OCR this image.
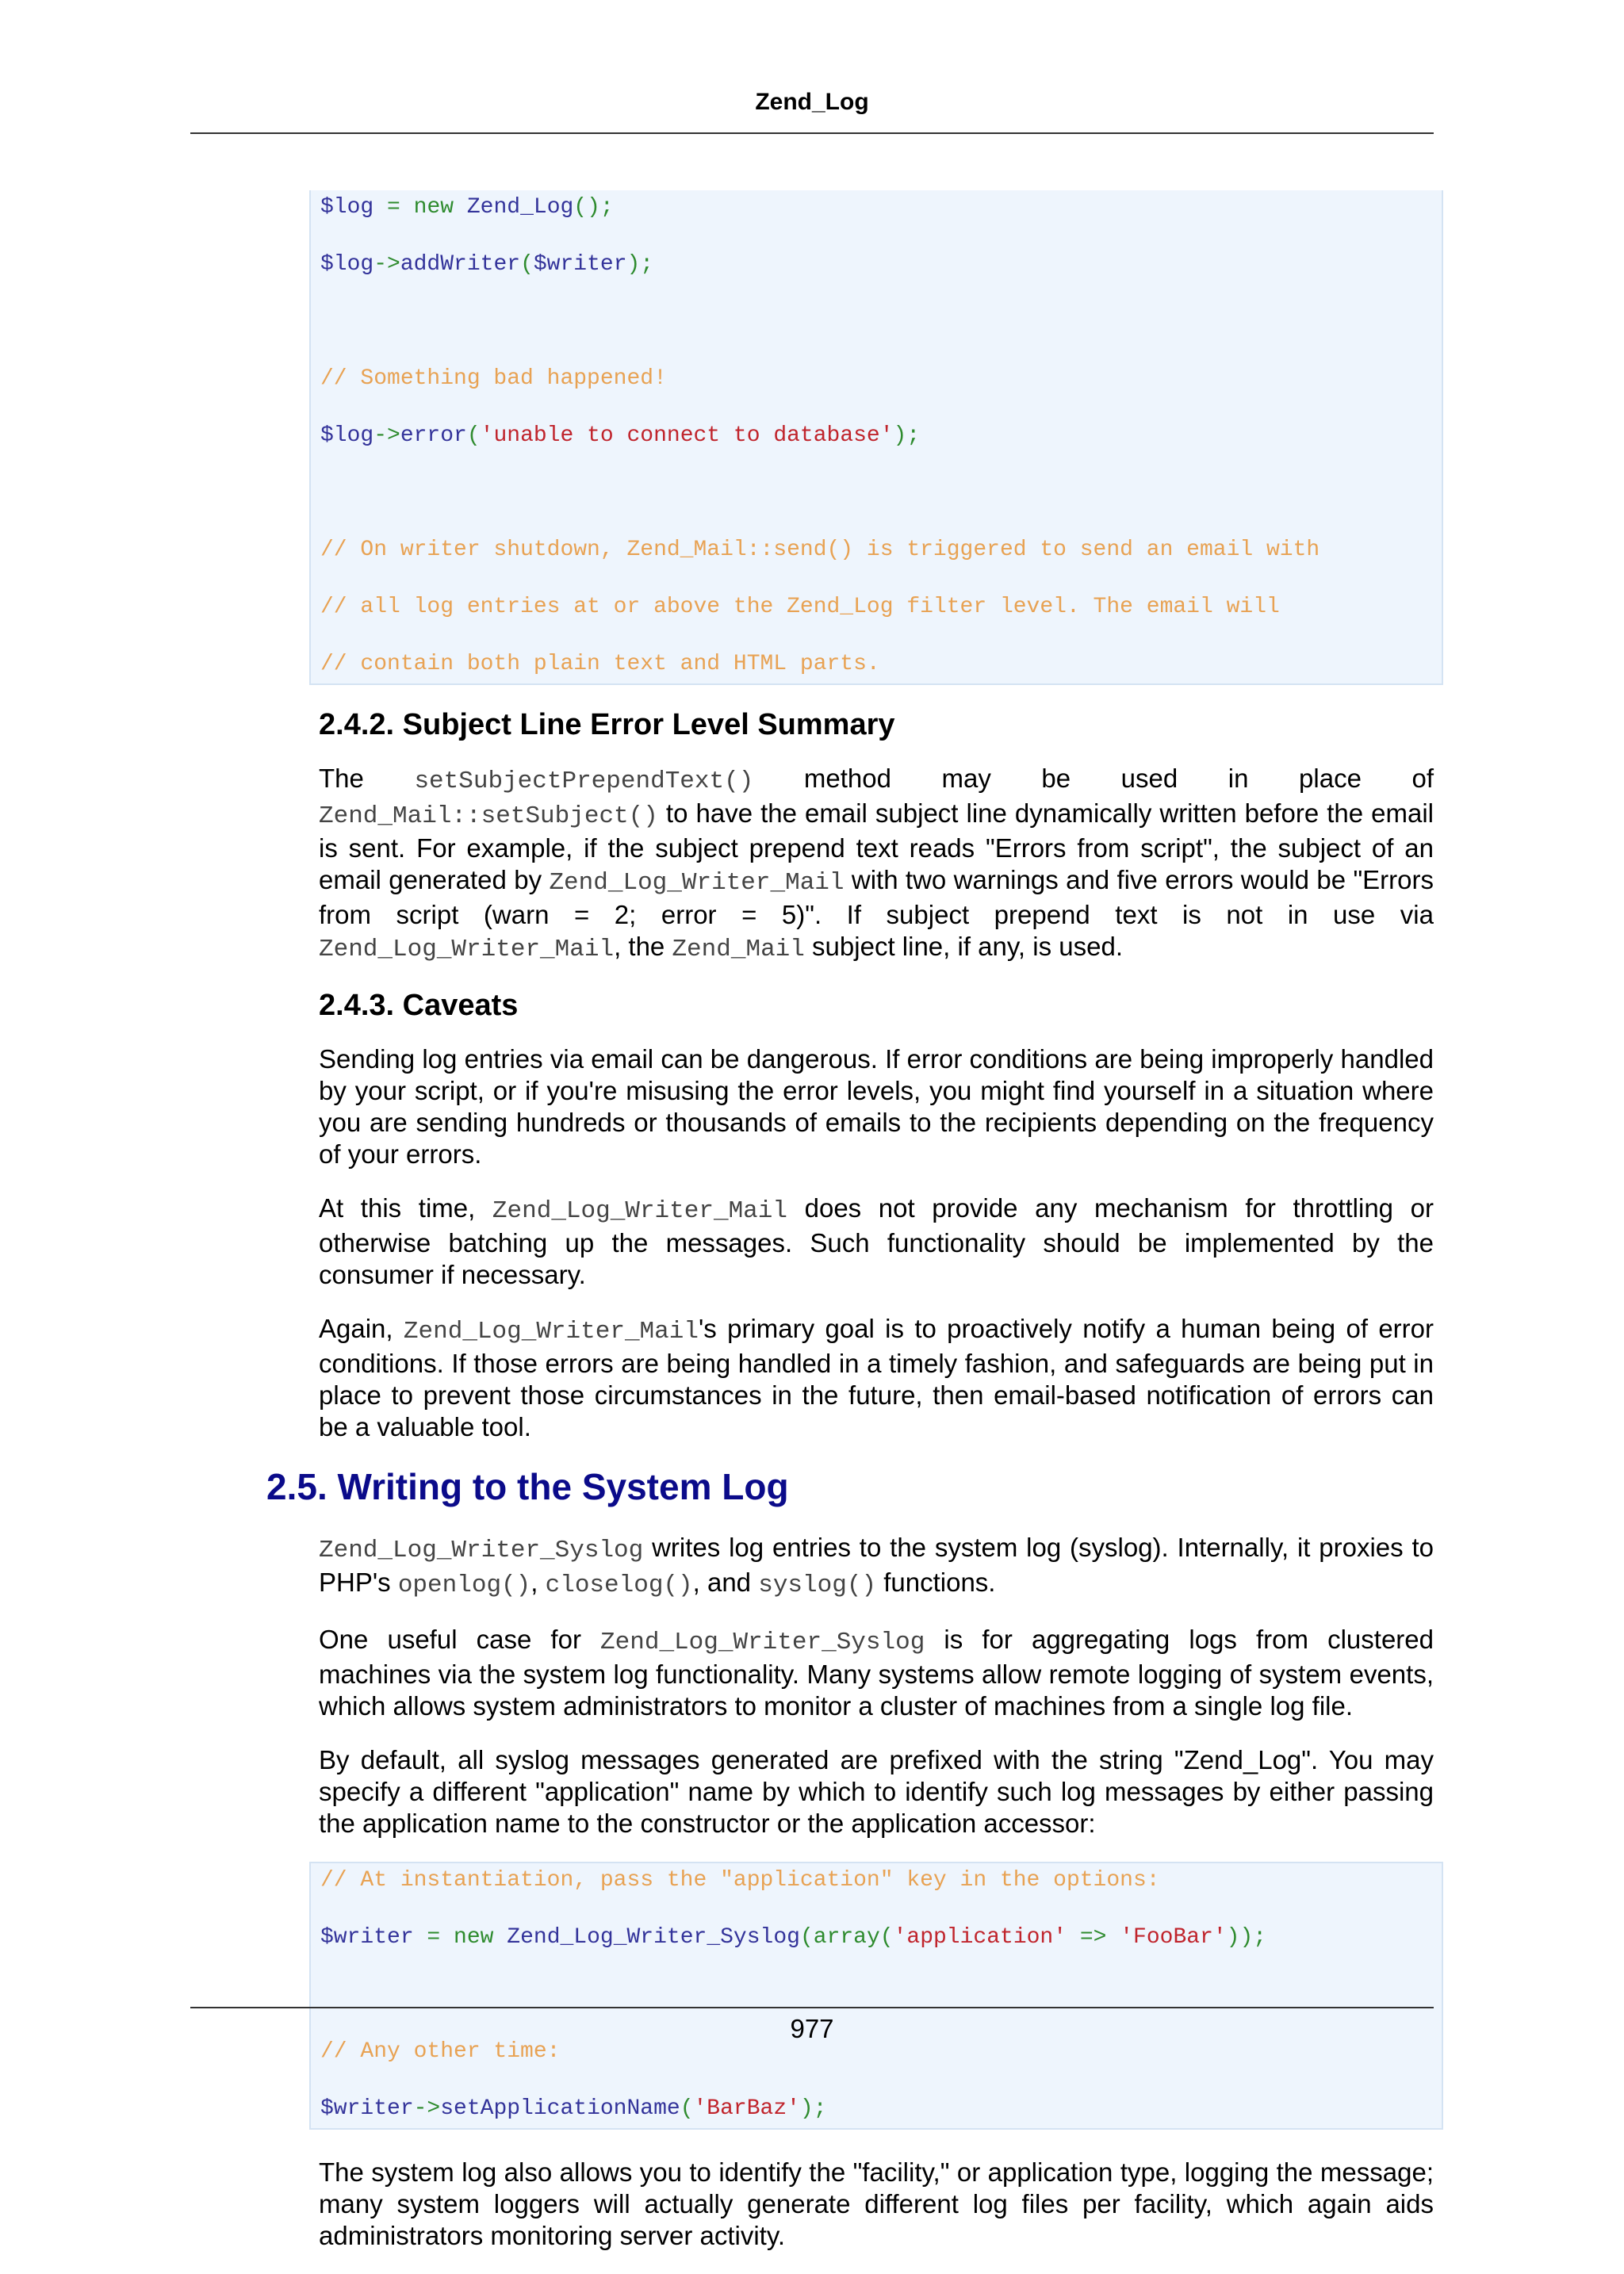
Zend_Log
$log = new Zend_Log();

$log->addWriter($writer);

// Something bad happened!

$log->error('unable to connect to database');

// On writer shutdown, Zend_Mail::send() is triggered to send an email with

// all log entries at or above the Zend_Log filter level. The email will

// contain both plain text and HTML parts.
2.4.2. Subject Line Error Level Summary

The setSubjectPrependText() method may be used in place of Zend_Mail::setSubject() to have the email subject line dynamically written before the email is sent. For example, if the subject prepend text reads "Errors from script", the subject of an email generated by Zend_Log_Writer_Mail with two warnings and five errors would be "Errors from script (warn = 2; error = 5)". If subject prepend text is not in use via Zend_Log_Writer_Mail, the Zend_Mail subject line, if any, is used.

2.4.3. Caveats

Sending log entries via email can be dangerous. If error conditions are being improperly handled by your script, or if you're misusing the error levels, you might find yourself in a situation where you are sending hundreds or thousands of emails to the recipients depending on the frequency of your errors.

At this time, Zend_Log_Writer_Mail does not provide any mechanism for throttling or otherwise batching up the messages. Such functionality should be implemented by the consumer if necessary.

Again, Zend_Log_Writer_Mail's primary goal is to proactively notify a human being of error conditions. If those errors are being handled in a timely fashion, and safeguards are being put in place to prevent those circumstances in the future, then email-based notification of errors can be a valuable tool.

2.5. Writing to the System Log

Zend_Log_Writer_Syslog writes log entries to the system log (syslog). Internally, it proxies to PHP's openlog(), closelog(), and syslog() functions.

One useful case for Zend_Log_Writer_Syslog is for aggregating logs from clustered machines via the system log functionality. Many systems allow remote logging of system events, which allows system administrators to monitor a cluster of machines from a single log file.

By default, all syslog messages generated are prefixed with the string "Zend_Log". You may specify a different "application" name by which to identify such log messages by either passing the application name to the constructor or the application accessor:

// At instantiation, pass the "application" key in the options:

$writer = new Zend_Log_Writer_Syslog(array('application' => 'FooBar'));

// Any other time:

$writer->setApplicationName('BarBaz');

The system log also allows you to identify the "facility," or application type, logging the message; many system loggers will actually generate different log files per facility, which again aids administrators monitoring server activity.

977
